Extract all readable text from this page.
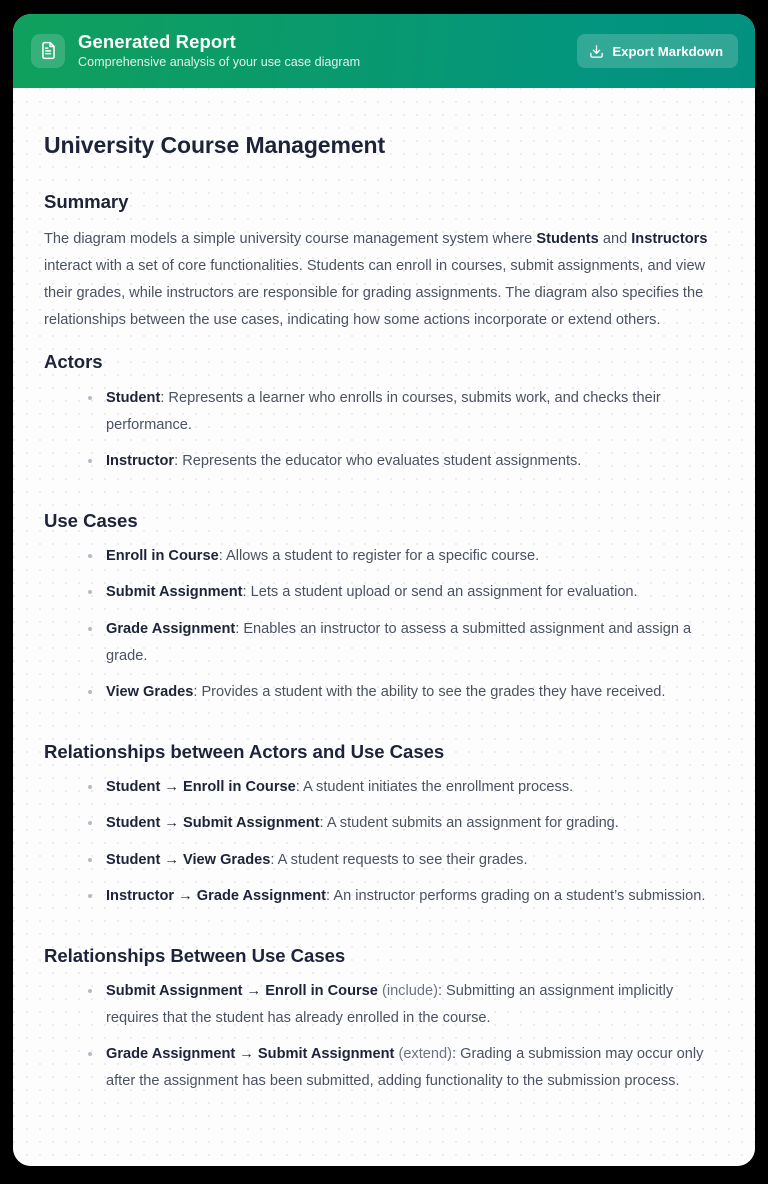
Generated Report
Comprehensive analysis of your use case diagram
Export Markdown
University Course Management
Summary

The diagram models a simple university course management system where Students and Instructors interact with a set of core functionalities. Students can enroll in courses, submit assignments, and view their grades, while instructors are responsible for grading assignments. The diagram also specifies the relationships between the use cases, indicating how some actions incorporate or extend others.

Actors
Student: Represents a learner who enrolls in courses, submits work, and checks their performance.
Instructor: Represents the educator who evaluates student assignments.
Use Cases
Enroll in Course: Allows a student to register for a specific course.
Submit Assignment: Lets a student upload or send an assignment for evaluation.
Grade Assignment: Enables an instructor to assess a submitted assignment and assign a grade.
View Grades: Provides a student with the ability to see the grades they have received.
Relationships between Actors and Use Cases
Student → Enroll in Course: A student initiates the enrollment process.
Student → Submit Assignment: A student submits an assignment for grading.
Student → View Grades: A student requests to see their grades.
Instructor → Grade Assignment: An instructor performs grading on a student’s submission.
Relationships Between Use Cases
Submit Assignment → Enroll in Course (include): Submitting an assignment implicitly requires that the student has already enrolled in the course.
Grade Assignment → Submit Assignment (extend): Grading a submission may occur only after the assignment has been submitted, adding functionality to the submission process.
